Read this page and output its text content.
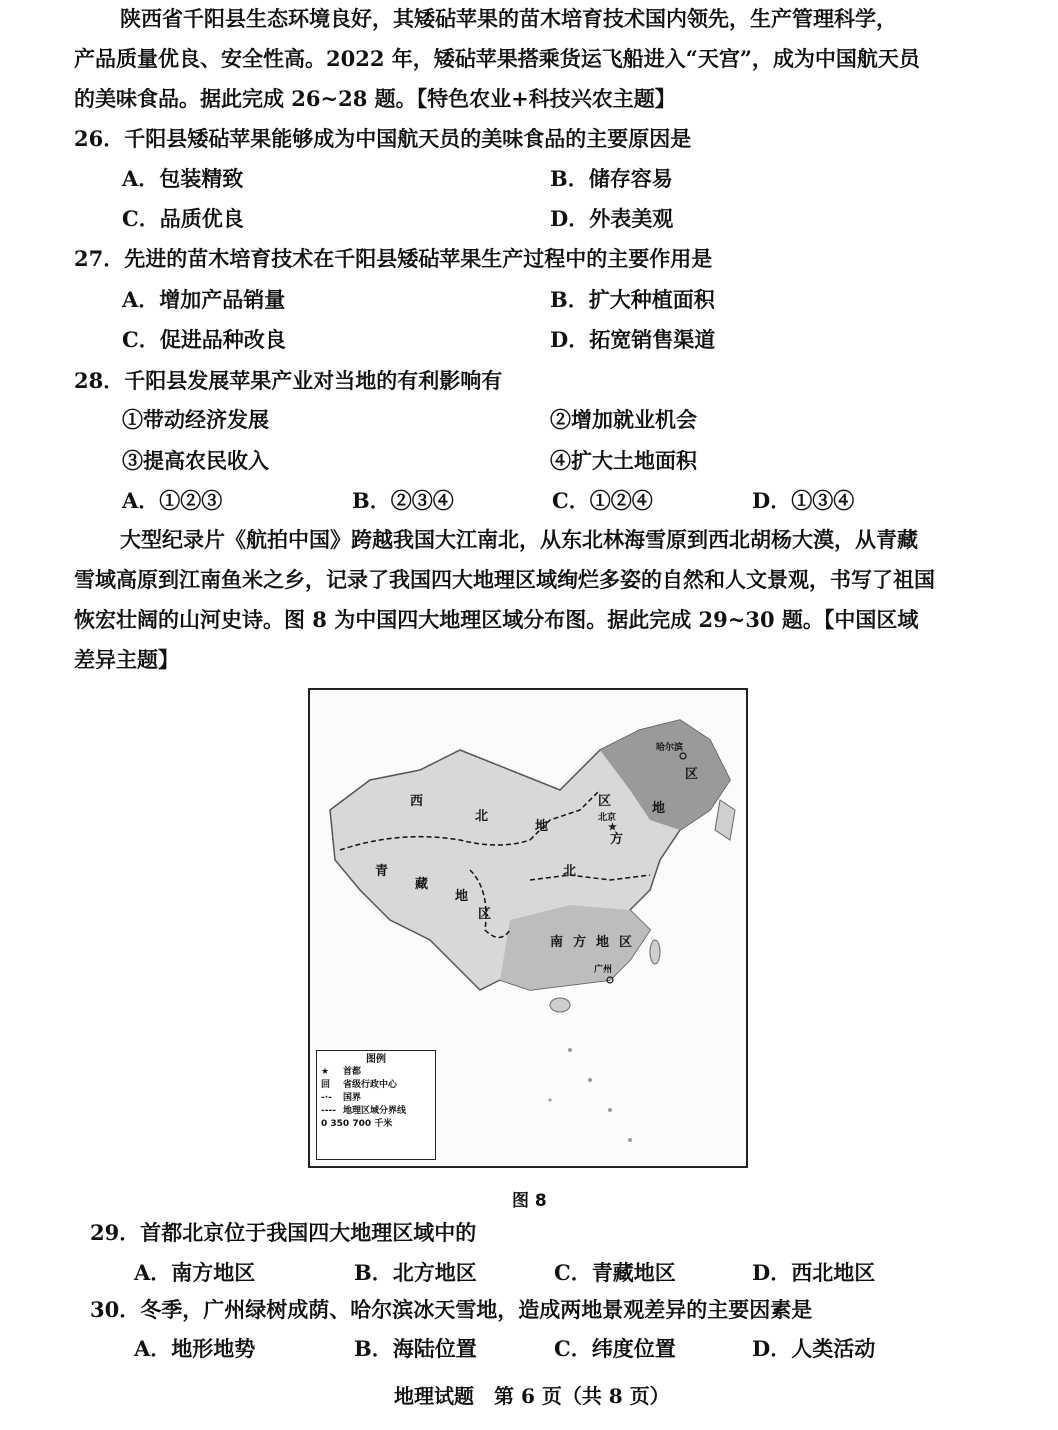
陕西省千阳县生态环境良好，其矮砧苹果的苗木培育技术国内领先，生产管理科学，
产品质量优良、安全性高。2022 年，矮砧苹果搭乘货运飞船进入“天宫”，成为中国航天员
的美味食品。据此完成 26~28 题。【特色农业+科技兴农主题】
26．千阳县矮砧苹果能够成为中国航天员的美味食品的主要原因是
A．包装精致	B．储存容易
C．品质优良	D．外表美观
27．先进的苗木培育技术在千阳县矮砧苹果生产过程中的主要作用是
A．增加产品销量	B．扩大种植面积
C．促进品种改良	D．拓宽销售渠道
28．千阳县发展苹果产业对当地的有利影响有
①带动经济发展	②增加就业机会
③提高农民收入	④扩大土地面积
A．①②③	B．②③④	C．①②④	D．①③④
大型纪录片《航拍中国》跨越我国大江南北，从东北林海雪原到西北胡杨大漠，从青藏
雪域高原到江南鱼米之乡，记录了我国四大地理区域绚烂多姿的自然和人文景观，书写了祖国
恢宏壮阔的山河史诗。图 8 为中国四大地理区域分布图。据此完成 29~30 题。【中国区域
差异主题】
西
北
地
区
北
方
地
区
青
藏
地
区
南方地区
哈尔滨
★
北京
广州
图例
★ 首都
回 省级行政中心
-·- 国界
---- 地理区域分界线
0 350 700 千米
图 8
29．首都北京位于我国四大地理区域中的
A．南方地区	B．北方地区	C．青藏地区	D．西北地区
30．冬季，广州绿树成荫、哈尔滨冰天雪地，造成两地景观差异的主要因素是
A．地形地势	B．海陆位置	C．纬度位置	D．人类活动
地理试题　第 6 页（共 8 页）
